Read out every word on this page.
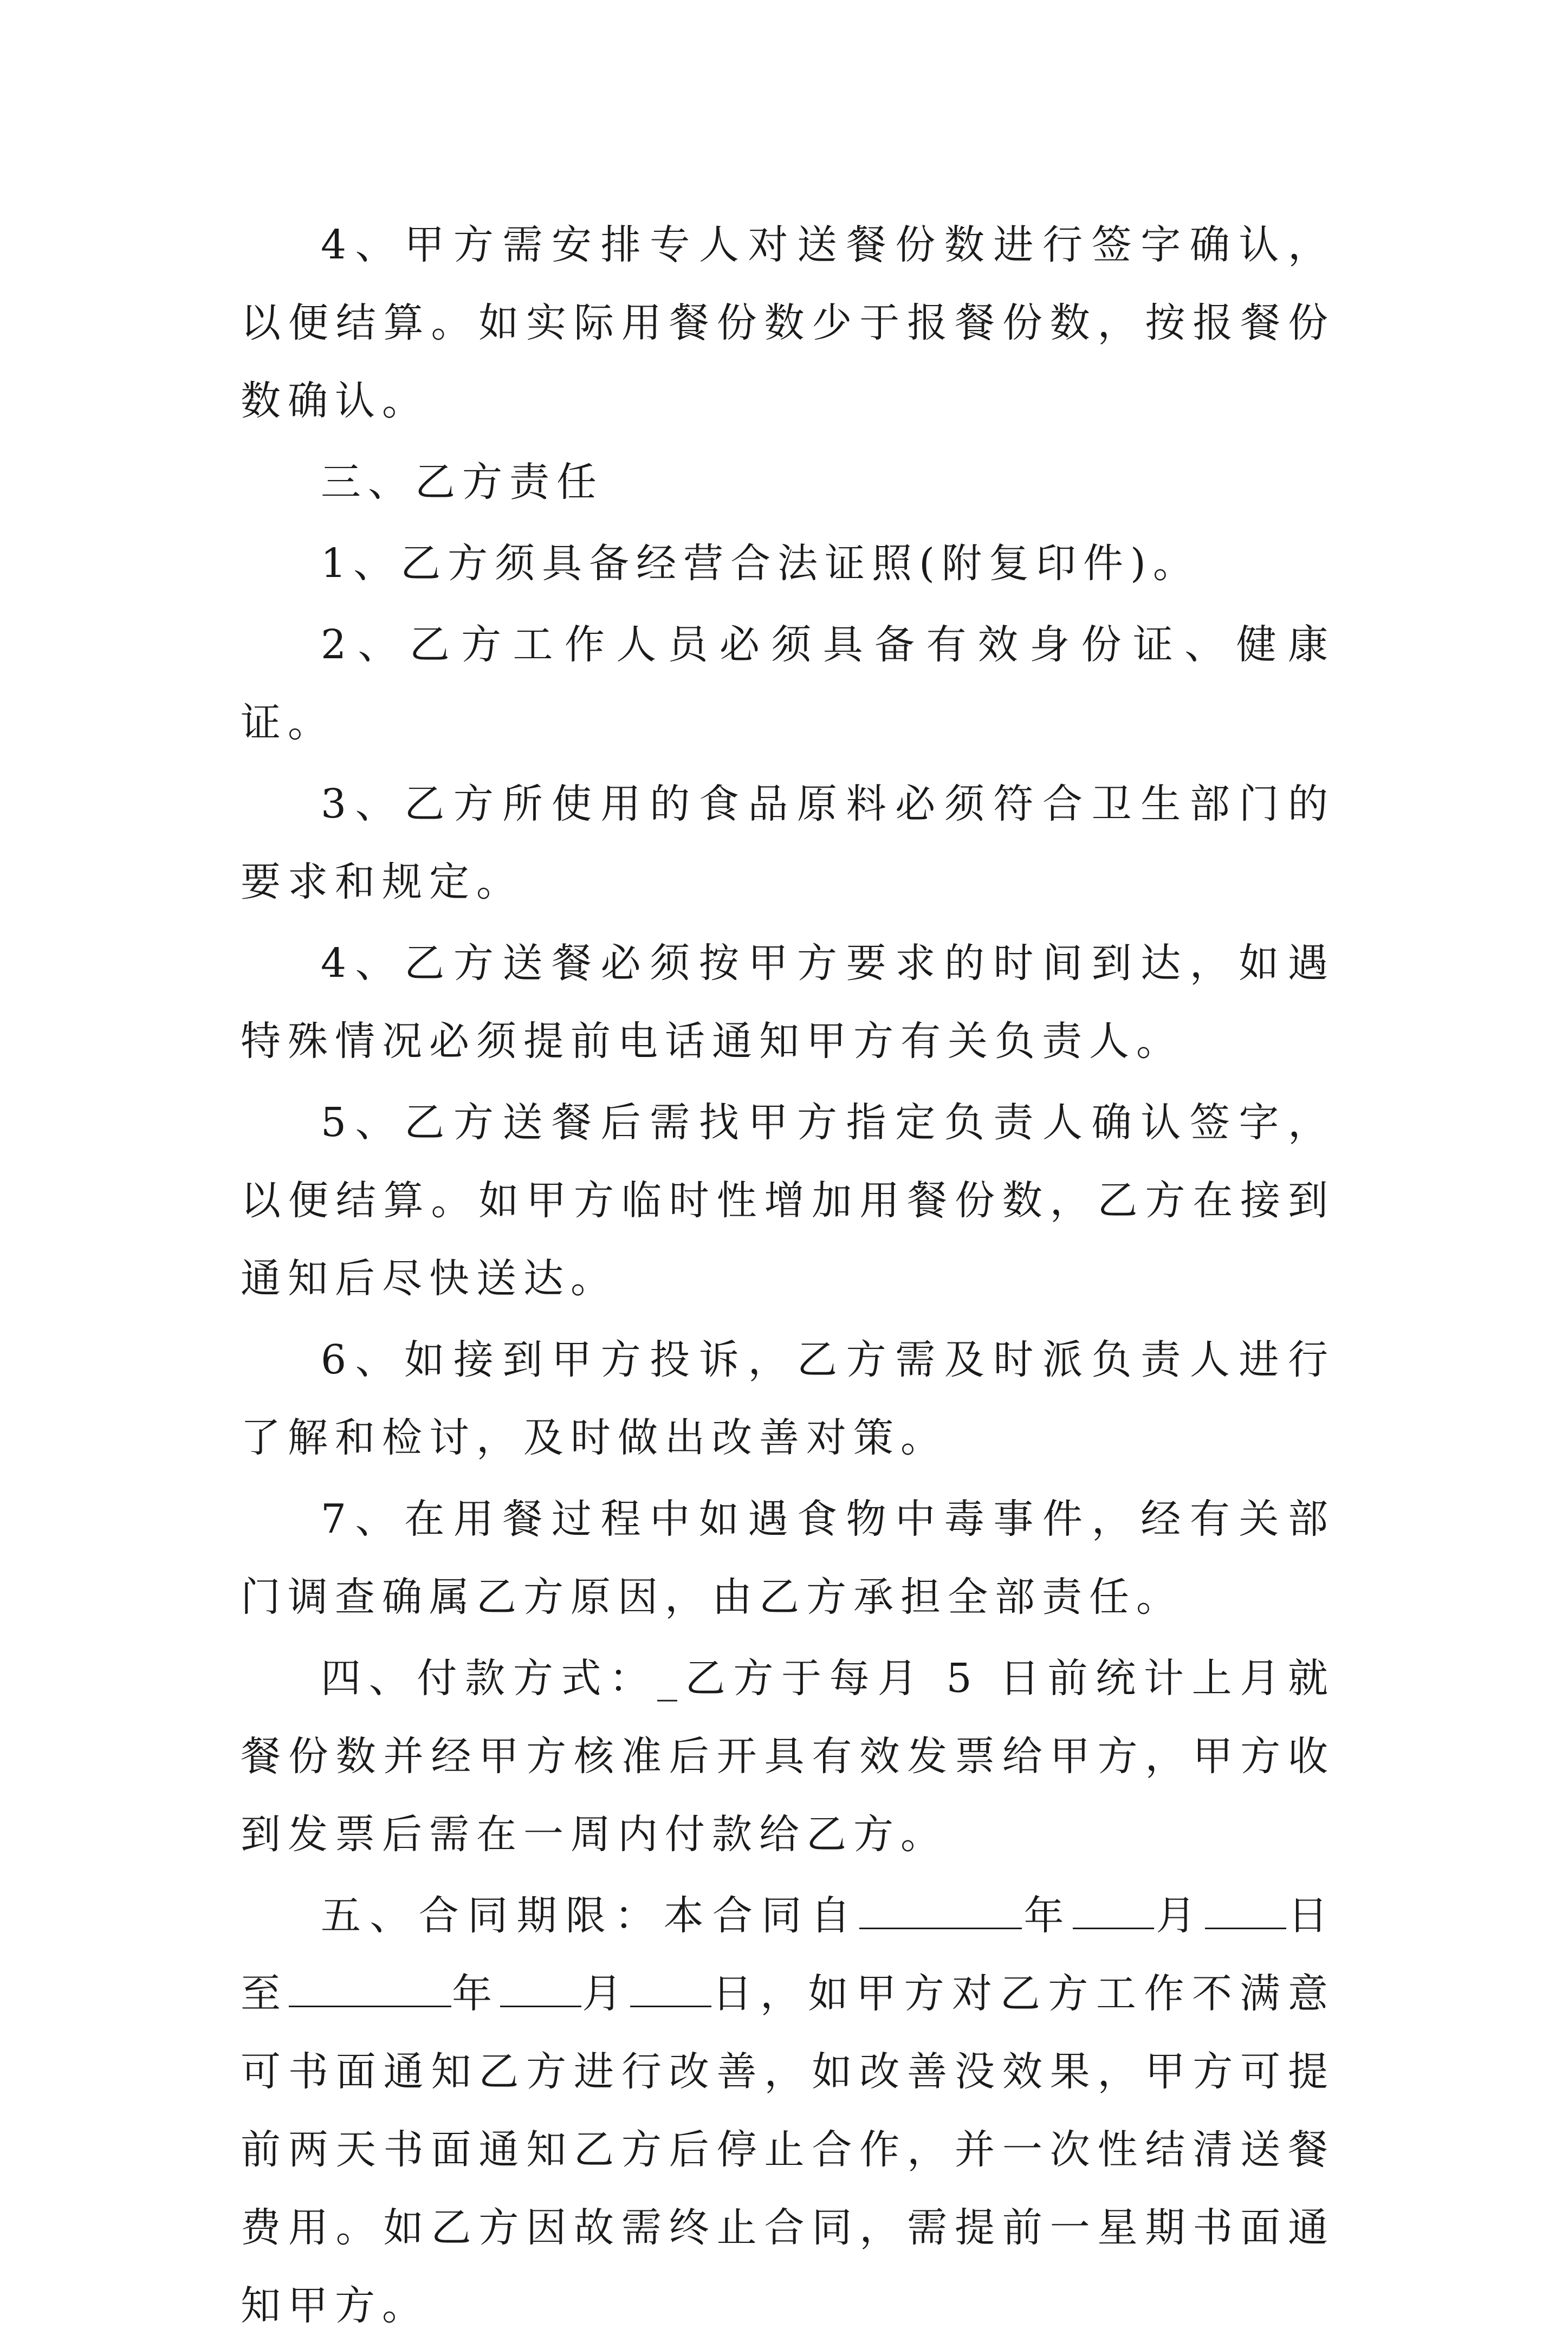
4、甲方需安排专人对送餐份数进行签字确认，以便结算。如实际用餐份数少于报餐份数，按报餐份数确认。

三、乙方责任

1、乙方须具备经营合法证照(附复印件)。

2、乙方工作人员必须具备有效身份证、健康证。

3、乙方所使用的食品原料必须符合卫生部门的要求和规定。

4、乙方送餐必须按甲方要求的时间到达，如遇特殊情况必须提前电话通知甲方有关负责人。

5、乙方送餐后需找甲方指定负责人确认签字，以便结算。如甲方临时性增加用餐份数，乙方在接到通知后尽快送达。

6、如接到甲方投诉，乙方需及时派负责人进行了解和检讨，及时做出改善对策。

7、在用餐过程中如遇食物中毒事件，经有关部门调查确属乙方原因，由乙方承担全部责任。

四、付款方式：_乙方于每月 5 日前统计上月就餐份数并经甲方核准后开具有效发票给甲方，甲方收到发票后需在一周内付款给乙方。

五、合同期限：本合同自	年 月 日至	年 月 日，如甲方对乙方工作不满意可书面通知乙方进行改善，如改善没效果，甲方可提前两天书面通知乙方后停止合作，并一次性结清送餐费用。如乙方因故需终止合同，需提前一星期书面通知甲方。
